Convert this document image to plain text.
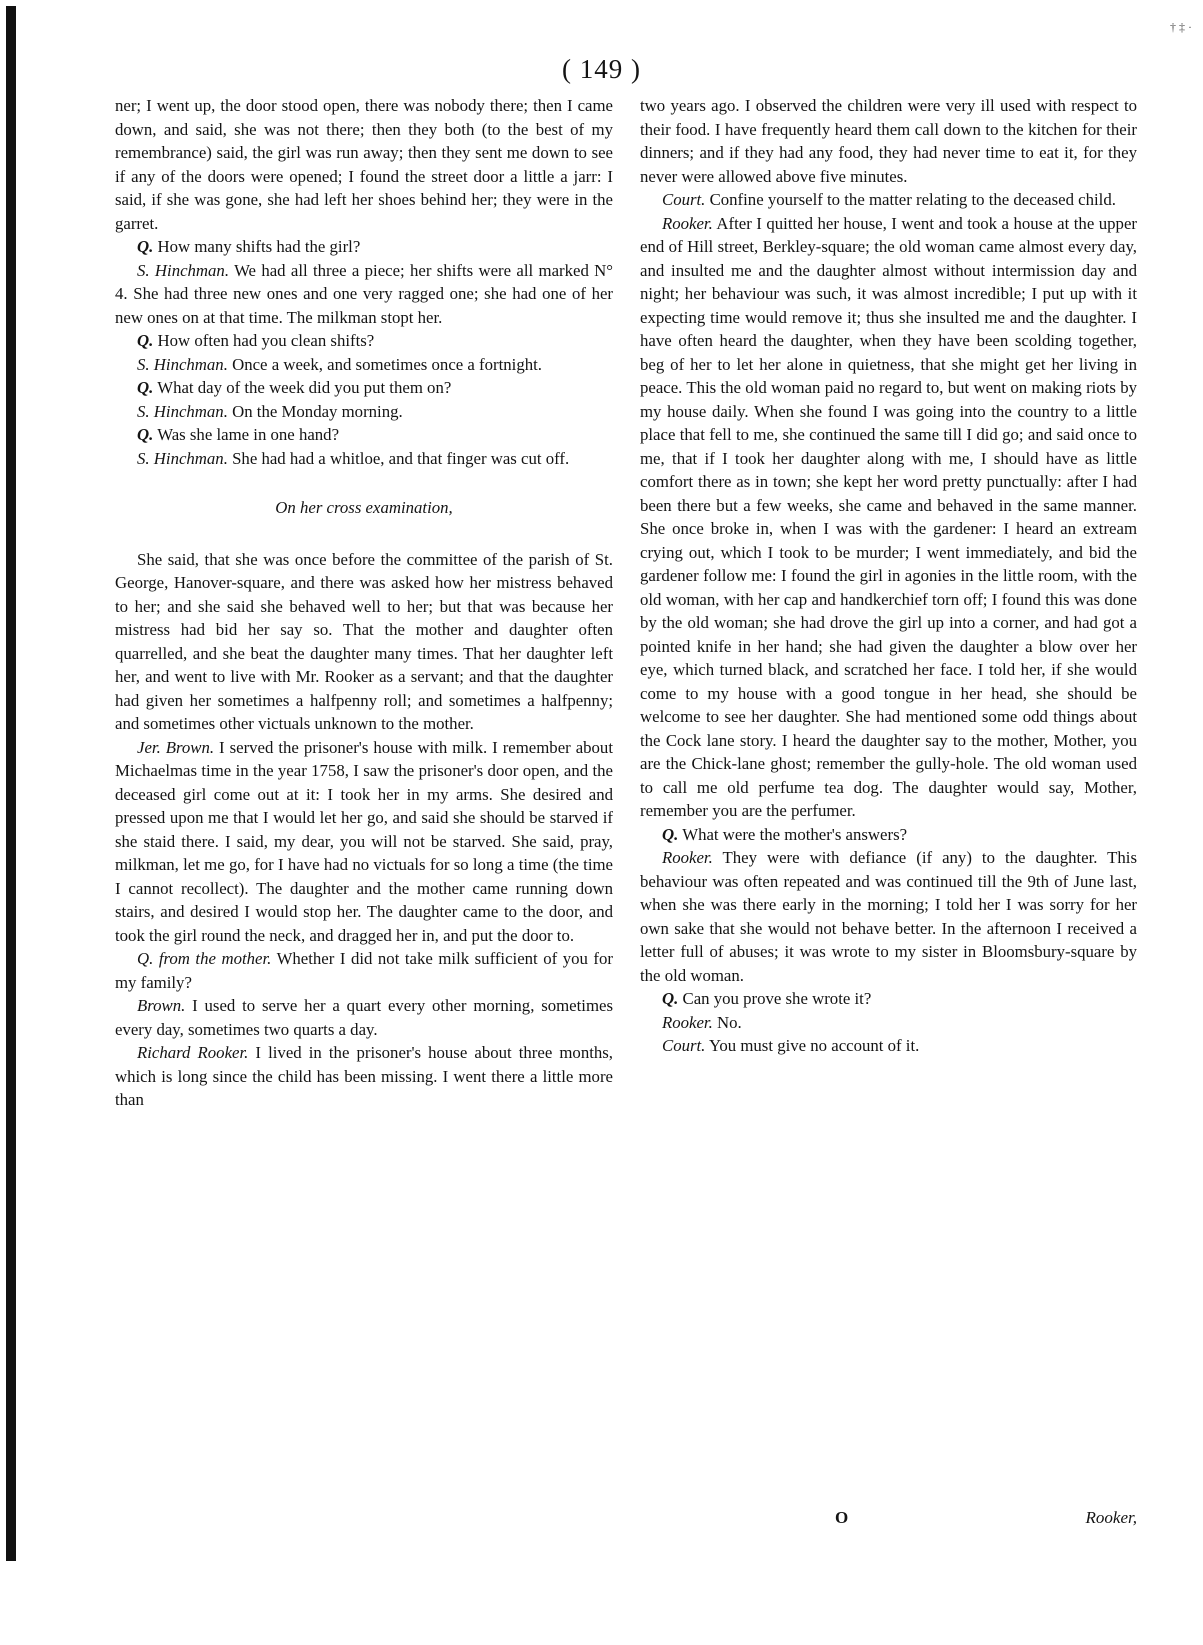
† ‡ ·
( 149 )

ner; I went up, the door stood open, there was nobody there; then I came down, and said, she was not there; then they both (to the best of my remembrance) said, the girl was run away; then they sent me down to see if any of the doors were opened; I found the street door a little a jarr: I said, if she was gone, she had left her shoes behind her; they were in the garret.

Q. How many shifts had the girl?

S. Hinchman. We had all three a piece; her shifts were all marked N° 4. She had three new ones and one very ragged one; she had one of her new ones on at that time. The milkman stopt her.

Q. How often had you clean shifts?

S. Hinchman. Once a week, and sometimes once a fortnight.

Q. What day of the week did you put them on?

S. Hinchman. On the Monday morning.

Q. Was she lame in one hand?

S. Hinchman. She had had a whitloe, and that finger was cut off.

On her cross examination,

She said, that she was once before the committee of the parish of St. George, Hanover-square, and there was asked how her mistress behaved to her; and she said she behaved well to her; but that was because her mistress had bid her say so. That the mother and daughter often quarrelled, and she beat the daughter many times. That her daughter left her, and went to live with Mr. Rooker as a servant; and that the daughter had given her sometimes a halfpenny roll; and sometimes a halfpenny; and sometimes other victuals unknown to the mother.

Jer. Brown. I served the prisoner's house with milk. I remember about Michaelmas time in the year 1758, I saw the prisoner's door open, and the deceased girl come out at it: I took her in my arms. She desired and pressed upon me that I would let her go, and said she should be starved if she staid there. I said, my dear, you will not be starved. She said, pray, milkman, let me go, for I have had no victuals for so long a time (the time I cannot recollect). The daughter and the mother came running down stairs, and desired I would stop her. The daughter came to the door, and took the girl round the neck, and dragged her in, and put the door to.

Q. from the mother. Whether I did not take milk sufficient of you for my family?

Brown. I used to serve her a quart every other morning, sometimes every day, sometimes two quarts a day.

Richard Rooker. I lived in the prisoner's house about three months, which is long since the child has been missing. I went there a little more than

two years ago. I observed the children were very ill used with respect to their food. I have frequently heard them call down to the kitchen for their dinners; and if they had any food, they had never time to eat it, for they never were allowed above five minutes.

Court. Confine yourself to the matter relating to the deceased child.

Rooker. After I quitted her house, I went and took a house at the upper end of Hill street, Berkley-square; the old woman came almost every day, and insulted me and the daughter almost without intermission day and night; her behaviour was such, it was almost incredible; I put up with it expecting time would remove it; thus she insulted me and the daughter. I have often heard the daughter, when they have been scolding together, beg of her to let her alone in quietness, that she might get her living in peace. This the old woman paid no regard to, but went on making riots by my house daily. When she found I was going into the country to a little place that fell to me, she continued the same till I did go; and said once to me, that if I took her daughter along with me, I should have as little comfort there as in town; she kept her word pretty punctually: after I had been there but a few weeks, she came and behaved in the same manner. She once broke in, when I was with the gardener: I heard an extream crying out, which I took to be murder; I went immediately, and bid the gardener follow me: I found the girl in agonies in the little room, with the old woman, with her cap and handkerchief torn off; I found this was done by the old woman; she had drove the girl up into a corner, and had got a pointed knife in her hand; she had given the daughter a blow over her eye, which turned black, and scratched her face. I told her, if she would come to my house with a good tongue in her head, she should be welcome to see her daughter. She had mentioned some odd things about the Cock lane story. I heard the daughter say to the mother, Mother, you are the Chick-lane ghost; remember the gully-hole. The old woman used to call me old perfume tea dog. The daughter would say, Mother, remember you are the perfumer.

Q. What were the mother's answers?

Rooker. They were with defiance (if any) to the daughter. This behaviour was often repeated and was continued till the 9th of June last, when she was there early in the morning; I told her I was sorry for her own sake that she would not behave better. In the afternoon I received a letter full of abuses; it was wrote to my sister in Bloomsbury-square by the old woman.

Q. Can you prove she wrote it?

Rooker. No.

Court. You must give no account of it.

O	Rooker,
